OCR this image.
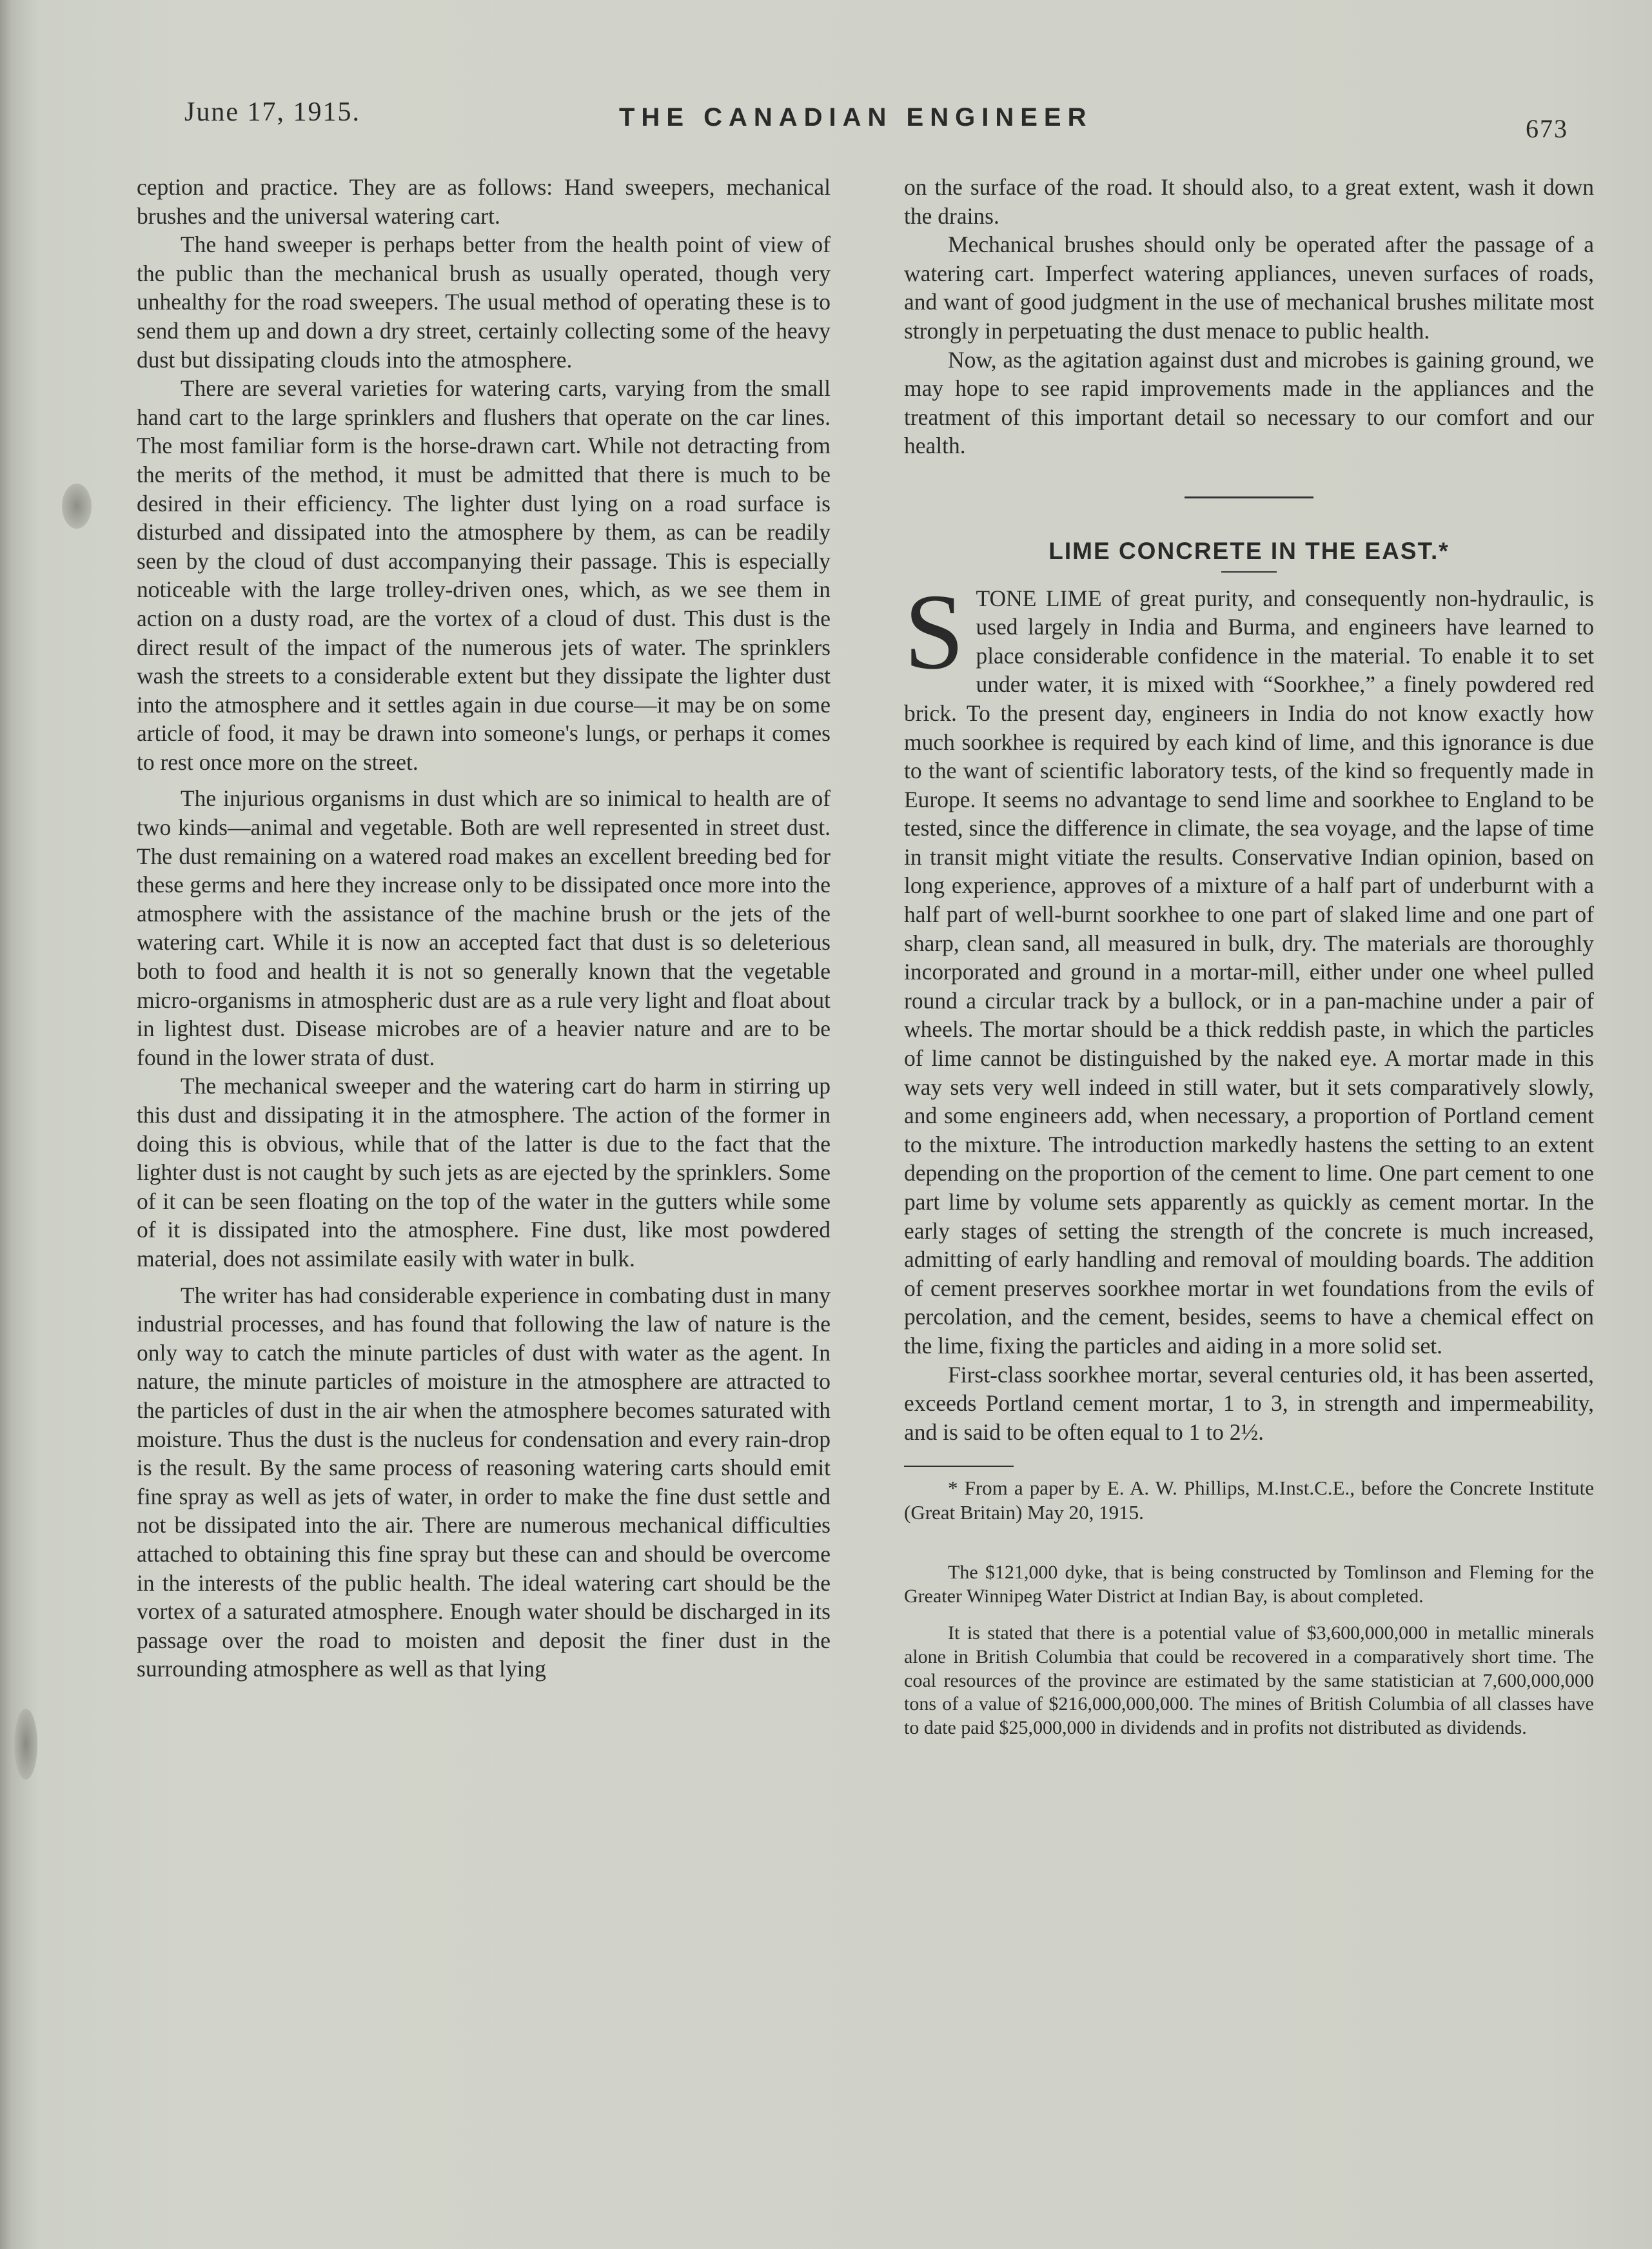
June 17, 1915.	THE CANADIAN ENGINEER	673

ception and practice. They are as follows: Hand sweepers, mechanical brushes and the universal watering cart.

The hand sweeper is perhaps better from the health point of view of the public than the mechanical brush as usually operated, though very unhealthy for the road sweepers. The usual method of operating these is to send them up and down a dry street, certainly collecting some of the heavy dust but dissipating clouds into the atmosphere.

There are several varieties for watering carts, varying from the small hand cart to the large sprinklers and flushers that operate on the car lines. The most familiar form is the horse-drawn cart. While not detracting from the merits of the method, it must be admitted that there is much to be desired in their efficiency. The lighter dust lying on a road surface is disturbed and dissipated into the atmosphere by them, as can be readily seen by the cloud of dust accompanying their passage. This is especially noticeable with the large trolley-driven ones, which, as we see them in action on a dusty road, are the vortex of a cloud of dust. This dust is the direct result of the impact of the numerous jets of water. The sprinklers wash the streets to a considerable extent but they dissipate the lighter dust into the atmosphere and it settles again in due course—it may be on some article of food, it may be drawn into someone's lungs, or perhaps it comes to rest once more on the street.

The injurious organisms in dust which are so inimical to health are of two kinds—animal and vegetable. Both are well represented in street dust. The dust remaining on a watered road makes an excellent breeding bed for these germs and here they increase only to be dissipated once more into the atmosphere with the assistance of the machine brush or the jets of the watering cart. While it is now an accepted fact that dust is so deleterious both to food and health it is not so generally known that the vegetable micro-organisms in atmospheric dust are as a rule very light and float about in lightest dust. Disease microbes are of a heavier nature and are to be found in the lower strata of dust.

The mechanical sweeper and the watering cart do harm in stirring up this dust and dissipating it in the atmosphere. The action of the former in doing this is obvious, while that of the latter is due to the fact that the lighter dust is not caught by such jets as are ejected by the sprinklers. Some of it can be seen floating on the top of the water in the gutters while some of it is dissipated into the atmosphere. Fine dust, like most powdered material, does not assimilate easily with water in bulk.

The writer has had considerable experience in combating dust in many industrial processes, and has found that following the law of nature is the only way to catch the minute particles of dust with water as the agent. In nature, the minute particles of moisture in the atmosphere are attracted to the particles of dust in the air when the atmosphere becomes saturated with moisture. Thus the dust is the nucleus for condensation and every rain-drop is the result. By the same process of reasoning watering carts should emit fine spray as well as jets of water, in order to make the fine dust settle and not be dissipated into the air. There are numerous mechanical difficulties attached to obtaining this fine spray but these can and should be overcome in the interests of the public health. The ideal watering cart should be the vortex of a saturated atmosphere. Enough water should be discharged in its passage over the road to moisten and deposit the finer dust in the surrounding atmosphere as well as that lying

on the surface of the road. It should also, to a great extent, wash it down the drains.

Mechanical brushes should only be operated after the passage of a watering cart. Imperfect watering appliances, uneven surfaces of roads, and want of good judgment in the use of mechanical brushes militate most strongly in perpetuating the dust menace to public health.

Now, as the agitation against dust and microbes is gaining ground, we may hope to see rapid improvements made in the appliances and the treatment of this important detail so necessary to our comfort and our health.

LIME CONCRETE IN THE EAST.*

STONE LIME of great purity, and consequently non-hydraulic, is used largely in India and Burma, and engineers have learned to place considerable confidence in the material. To enable it to set under water, it is mixed with “Soorkhee,” a finely powdered red brick. To the present day, engineers in India do not know exactly how much soorkhee is required by each kind of lime, and this ignorance is due to the want of scientific laboratory tests, of the kind so frequently made in Europe. It seems no advantage to send lime and soorkhee to England to be tested, since the difference in climate, the sea voyage, and the lapse of time in transit might vitiate the results. Conservative Indian opinion, based on long experience, approves of a mixture of a half part of underburnt with a half part of well-burnt soorkhee to one part of slaked lime and one part of sharp, clean sand, all measured in bulk, dry. The materials are thoroughly incorporated and ground in a mortar-mill, either under one wheel pulled round a circular track by a bullock, or in a pan-machine under a pair of wheels. The mortar should be a thick reddish paste, in which the particles of lime cannot be distinguished by the naked eye. A mortar made in this way sets very well indeed in still water, but it sets comparatively slowly, and some engineers add, when necessary, a proportion of Portland cement to the mixture. The introduction markedly hastens the setting to an extent depending on the proportion of the cement to lime. One part cement to one part lime by volume sets apparently as quickly as cement mortar. In the early stages of setting the strength of the concrete is much increased, admitting of early handling and removal of moulding boards. The addition of cement preserves soorkhee mortar in wet foundations from the evils of percolation, and the cement, besides, seems to have a chemical effect on the lime, fixing the particles and aiding in a more solid set.

First-class soorkhee mortar, several centuries old, it has been asserted, exceeds Portland cement mortar, 1 to 3, in strength and impermeability, and is said to be often equal to 1 to 2½.

* From a paper by E. A. W. Phillips, M.Inst.C.E., before the Concrete Institute (Great Britain) May 20, 1915.

The $121,000 dyke, that is being constructed by Tomlinson and Fleming for the Greater Winnipeg Water District at Indian Bay, is about completed.

It is stated that there is a potential value of $3,600,000,000 in metallic minerals alone in British Columbia that could be recovered in a comparatively short time. The coal resources of the province are estimated by the same statistician at 7,600,000,000 tons of a value of $216,000,000,000. The mines of British Columbia of all classes have to date paid $25,000,000 in dividends and in profits not distributed as dividends.
